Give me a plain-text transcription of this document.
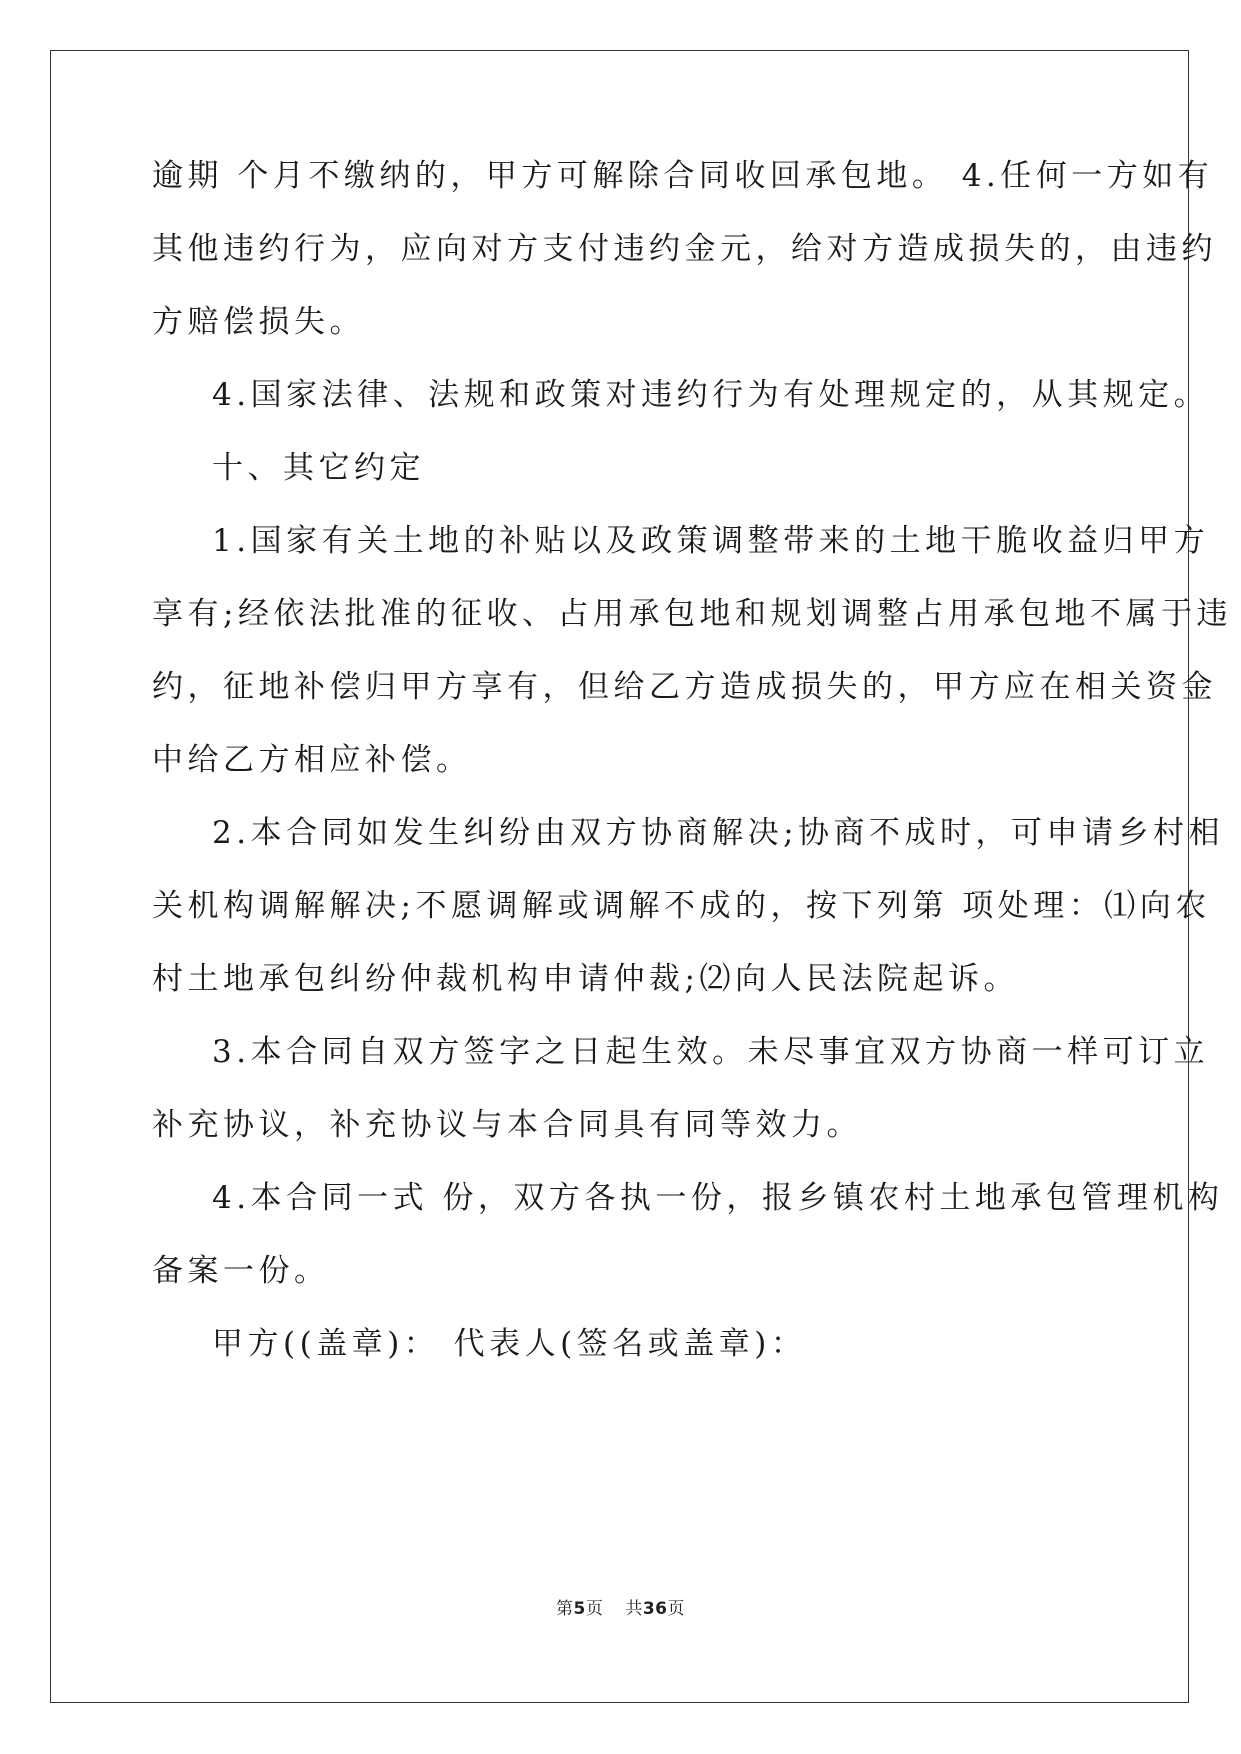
逾期 个月不缴纳的，甲方可解除合同收回承包地。 4.任何一方如有
其他违约行为，应向对方支付违约金元，给对方造成损失的，由违约
方赔偿损失。
4.国家法律、法规和政策对违约行为有处理规定的，从其规定。
十、其它约定
1.国家有关土地的补贴以及政策调整带来的土地干脆收益归甲方
享有;经依法批准的征收、占用承包地和规划调整占用承包地不属于违
约，征地补偿归甲方享有，但给乙方造成损失的，甲方应在相关资金
中给乙方相应补偿。
2.本合同如发生纠纷由双方协商解决;协商不成时，可申请乡村相
关机构调解解决;不愿调解或调解不成的，按下列第 项处理：⑴向农
村土地承包纠纷仲裁机构申请仲裁;⑵向人民法院起诉。
3.本合同自双方签字之日起生效。未尽事宜双方协商一样可订立
补充协议，补充协议与本合同具有同等效力。
4.本合同一式 份，双方各执一份，报乡镇农村土地承包管理机构
备案一份。
甲方((盖章)： 代表人(签名或盖章)：
第5页 共36页
